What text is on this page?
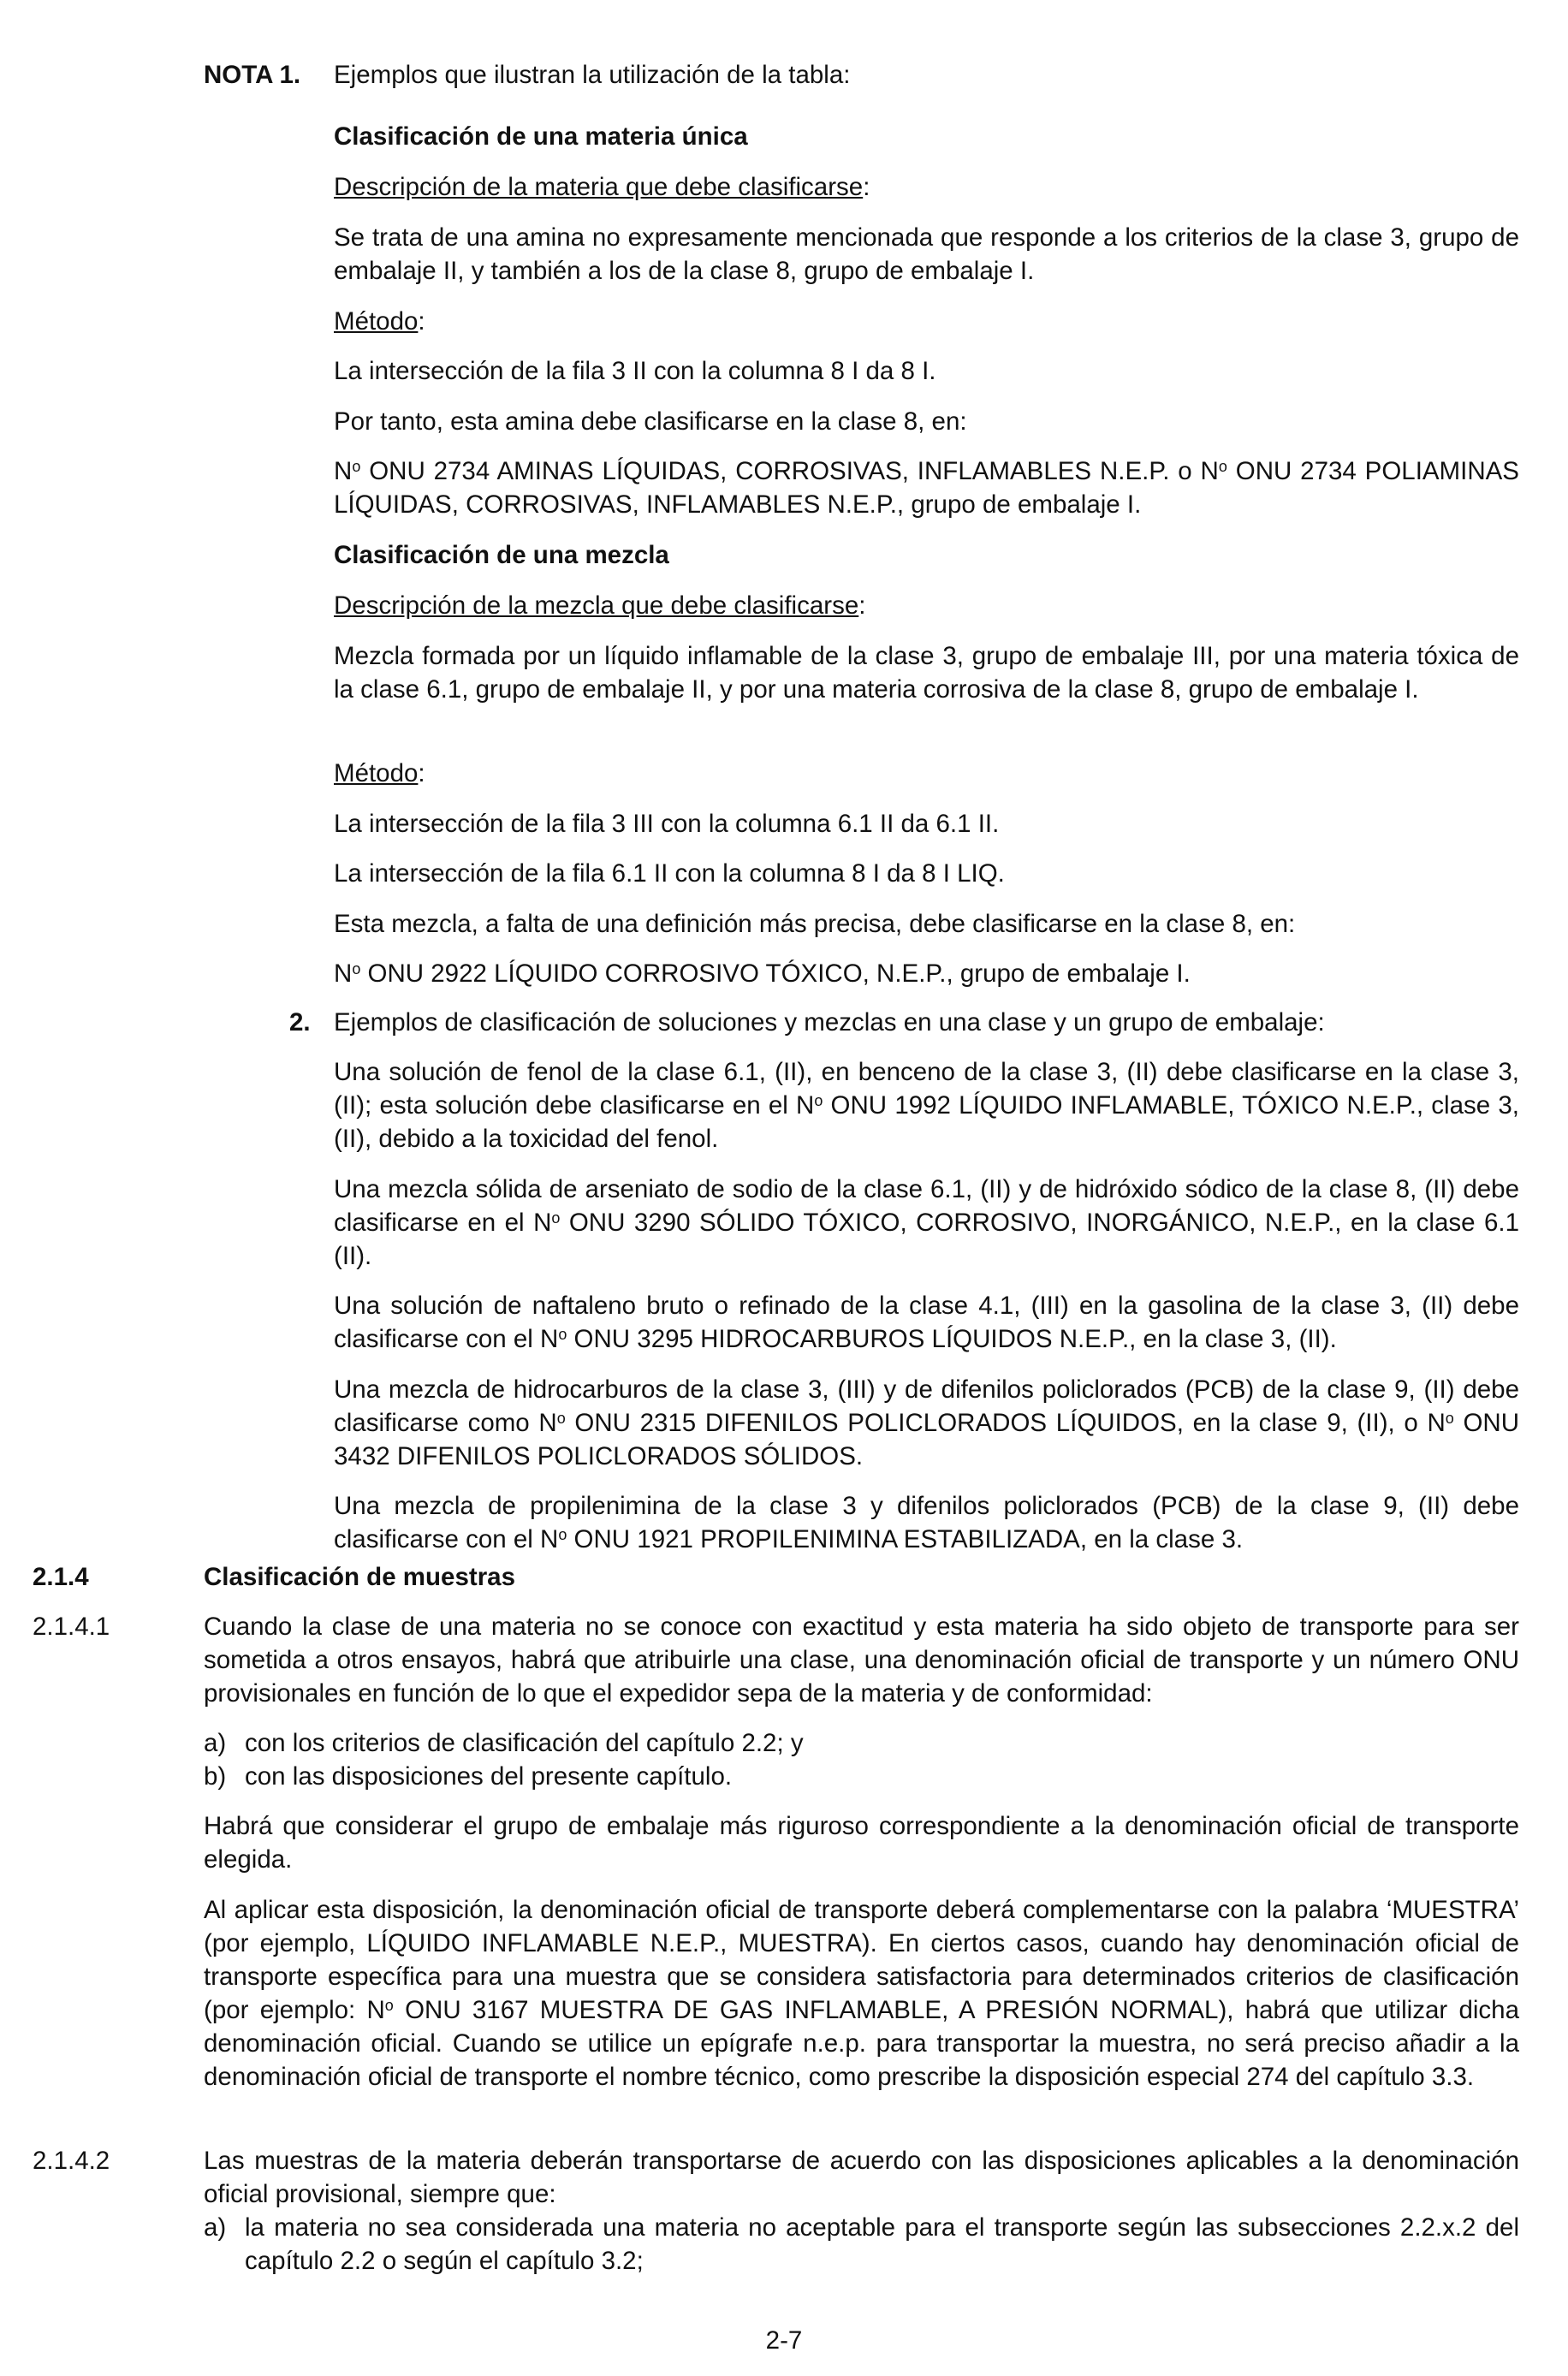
NOTA 1. Ejemplos que ilustran la utilización de la tabla:

Clasificación de una materia única

Descripción de la materia que debe clasificarse:

Se trata de una amina no expresamente mencionada que responde a los criterios de la clase 3, grupo de embalaje II, y también a los de la clase 8, grupo de embalaje I.

Método:

La intersección de la fila 3 II con la columna 8 I da 8 I.

Por tanto, esta amina debe clasificarse en la clase 8, en:

$N^o$ ONU 2734 AMINAS LÍQUIDAS, CORROSIVAS, INFLAMABLES N.E.P. o $N^o$ ONU 2734 POLIAMINAS LÍQUIDAS, CORROSIVAS, INFLAMABLES N.E.P., grupo de embalaje I.

Clasificación de una mezcla

Descripción de la mezcla que debe clasificarse:

Mezcla formada por un líquido inflamable de la clase 3, grupo de embalaje III, por una materia tóxica de la clase 6.1, grupo de embalaje II, y por una materia corrosiva de la clase 8, grupo de embalaje I.

Método:

La intersección de la fila 3 III con la columna 6.1 II da 6.1 II.

La intersección de la fila 6.1 II con la columna 8 I da 8 I LIQ.

Esta mezcla, a falta de una definición más precisa, debe clasificarse en la clase 8, en:

$N^o$ ONU 2922 LÍQUIDO CORROSIVO TÓXICO, N.E.P., grupo de embalaje I.

2. Ejemplos de clasificación de soluciones y mezclas en una clase y un grupo de embalaje:

Una solución de fenol de la clase 6.1, (II), en benceno de la clase 3, (II) debe clasificarse en la clase 3, (II); esta solución debe clasificarse en el $N^o$ ONU 1992 LÍQUIDO INFLAMABLE, TÓXICO N.E.P., clase 3, (II), debido a la toxicidad del fenol.

Una mezcla sólida de arseniato de sodio de la clase 6.1, (II) y de hidróxido sódico de la clase 8, (II) debe clasificarse en el $N^o$ ONU 3290 SÓLIDO TÓXICO, CORROSIVO, INORGÁNICO, N.E.P., en la clase 6.1 (II).

Una solución de naftaleno bruto o refinado de la clase 4.1, (III) en la gasolina de la clase 3, (II) debe clasificarse con el $N^o$ ONU 3295 HIDROCARBUROS LÍQUIDOS N.E.P., en la clase 3, (II).

Una mezcla de hidrocarburos de la clase 3, (III) y de difenilos policlorados (PCB) de la clase 9, (II) debe clasificarse como $N^o$ ONU 2315 DIFENILOS POLICLORADOS LÍQUIDOS, en la clase 9, (II), o $N^o$ ONU 3432 DIFENILOS POLICLORADOS SÓLIDOS.

Una mezcla de propilenimina de la clase 3 y difenilos policlorados (PCB) de la clase 9, (II) debe clasificarse con el $N^o$ ONU 1921 PROPILENIMINA ESTABILIZADA, en la clase 3.

2.1.4	Clasificación de muestras

2.1.4.1	Cuando la clase de una materia no se conoce con exactitud y esta materia ha sido objeto de transporte para ser sometida a otros ensayos, habrá que atribuirle una clase, una denominación oficial de transporte y un número ONU provisionales en función de lo que el expedidor sepa de la materia y de conformidad:

a) con los criterios de clasificación del capítulo 2.2; y
b) con las disposiciones del presente capítulo.

Habrá que considerar el grupo de embalaje más riguroso correspondiente a la denominación oficial de transporte elegida.

Al aplicar esta disposición, la denominación oficial de transporte deberá complementarse con la palabra ‘MUESTRA’ (por ejemplo, LÍQUIDO INFLAMABLE N.E.P., MUESTRA). En ciertos casos, cuando hay denominación oficial de transporte específica para una muestra que se considera satisfactoria para determinados criterios de clasificación (por ejemplo: $N^o$ ONU 3167 MUESTRA DE GAS INFLAMABLE, A PRESIÓN NORMAL), habrá que utilizar dicha denominación oficial. Cuando se utilice un epígrafe n.e.p. para transportar la muestra, no será preciso añadir a la denominación oficial de transporte el nombre técnico, como prescribe la disposición especial 274 del capítulo 3.3.

2.1.4.2	Las muestras de la materia deberán transportarse de acuerdo con las disposiciones aplicables a la denominación oficial provisional, siempre que:

a) la materia no sea considerada una materia no aceptable para el transporte según las subsecciones 2.2.x.2 del capítulo 2.2 o según el capítulo 3.2;

2-7
